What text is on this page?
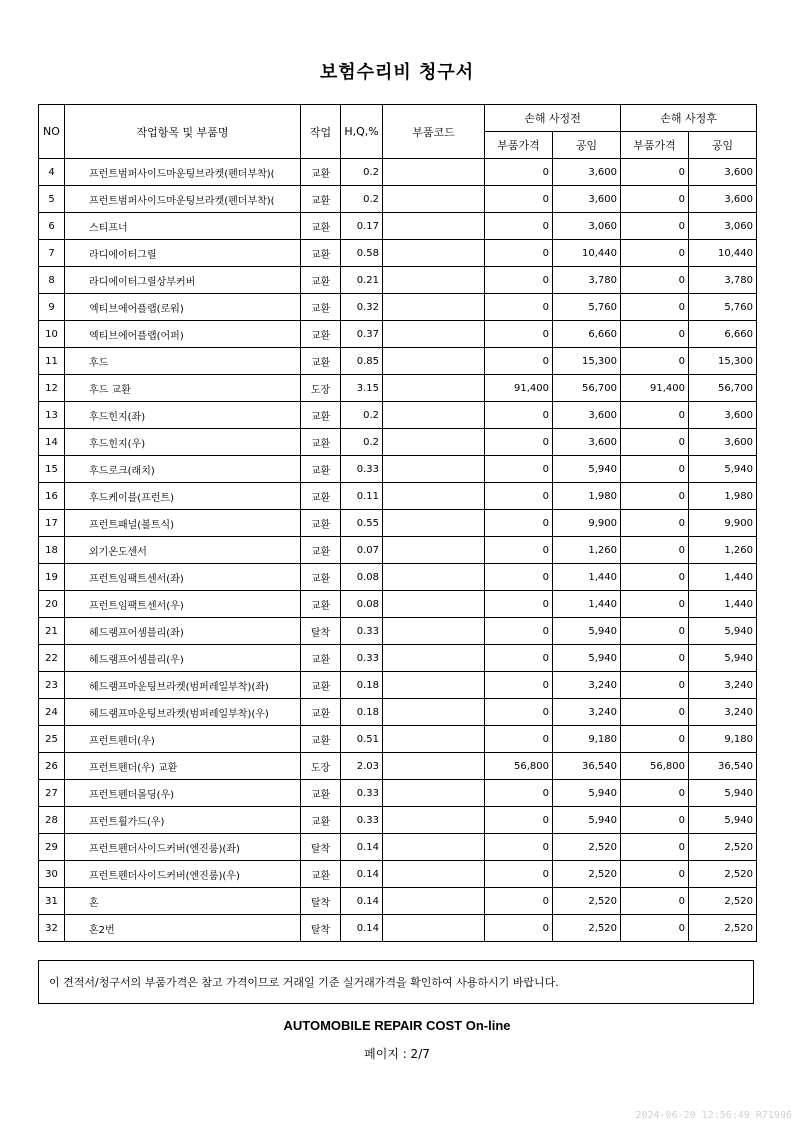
보험수리비 청구서
NO	작업항목 및 부품명	작업	H,Q,%	부품코드	손해 사정전		손해 사정후	
					부품가격	공임	부품가격	공임
4	프런트범퍼사이드마운팅브라켓(펜더부착)(	교환	0.2		0	3,600	0	3,600
5	프런트범퍼사이드마운팅브라켓(펜더부착)(	교환	0.2		0	3,600	0	3,600
6	스티프너	교환	0.17		0	3,060	0	3,060
7	라디에이터그릴	교환	0.58		0	10,440	0	10,440
8	라디에이터그릴상부커버	교환	0.21		0	3,780	0	3,780
9	엑티브에어플랩(로워)	교환	0.32		0	5,760	0	5,760
10	엑티브에어플랩(어퍼)	교환	0.37		0	6,660	0	6,660
11	후드	교환	0.85		0	15,300	0	15,300
12	후드 교환	도장	3.15		91,400	56,700	91,400	56,700
13	후드힌지(좌)	교환	0.2		0	3,600	0	3,600
14	후드힌지(우)	교환	0.2		0	3,600	0	3,600
15	후드로크(래치)	교환	0.33		0	5,940	0	5,940
16	후드케이블(프런트)	교환	0.11		0	1,980	0	1,980
17	프런트패널(볼트식)	교환	0.55		0	9,900	0	9,900
18	외기온도센서	교환	0.07		0	1,260	0	1,260
19	프런트임팩트센서(좌)	교환	0.08		0	1,440	0	1,440
20	프런트임팩트센서(우)	교환	0.08		0	1,440	0	1,440
21	헤드램프어셈블리(좌)	탈착	0.33		0	5,940	0	5,940
22	헤드램프어셈블리(우)	교환	0.33		0	5,940	0	5,940
23	헤드램프마운팅브라켓(범퍼레일부착)(좌)	교환	0.18		0	3,240	0	3,240
24	헤드램프마운팅브라켓(범퍼레일부착)(우)	교환	0.18		0	3,240	0	3,240
25	프런트펜더(우)	교환	0.51		0	9,180	0	9,180
26	프런트펜더(우) 교환	도장	2.03		56,800	36,540	56,800	36,540
27	프런트펜더몰딩(우)	교환	0.33		0	5,940	0	5,940
28	프런트휠가드(우)	교환	0.33		0	5,940	0	5,940
29	프런트펜더사이드커버(엔진룸)(좌)	탈착	0.14		0	2,520	0	2,520
30	프런트펜더사이드커버(엔진룸)(우)	교환	0.14		0	2,520	0	2,520
31	혼	탈착	0.14		0	2,520	0	2,520
32	혼2번	탈착	0.14		0	2,520	0	2,520
이 견적서/청구서의 부품가격은 참고 가격이므로 거래일 기준 실거래가격을 확인하여 사용하시기 바랍니다.
AUTOMOBILE REPAIR COST On-line
페이지 : 2/7
2024-06-20 12:56:49 R71996
